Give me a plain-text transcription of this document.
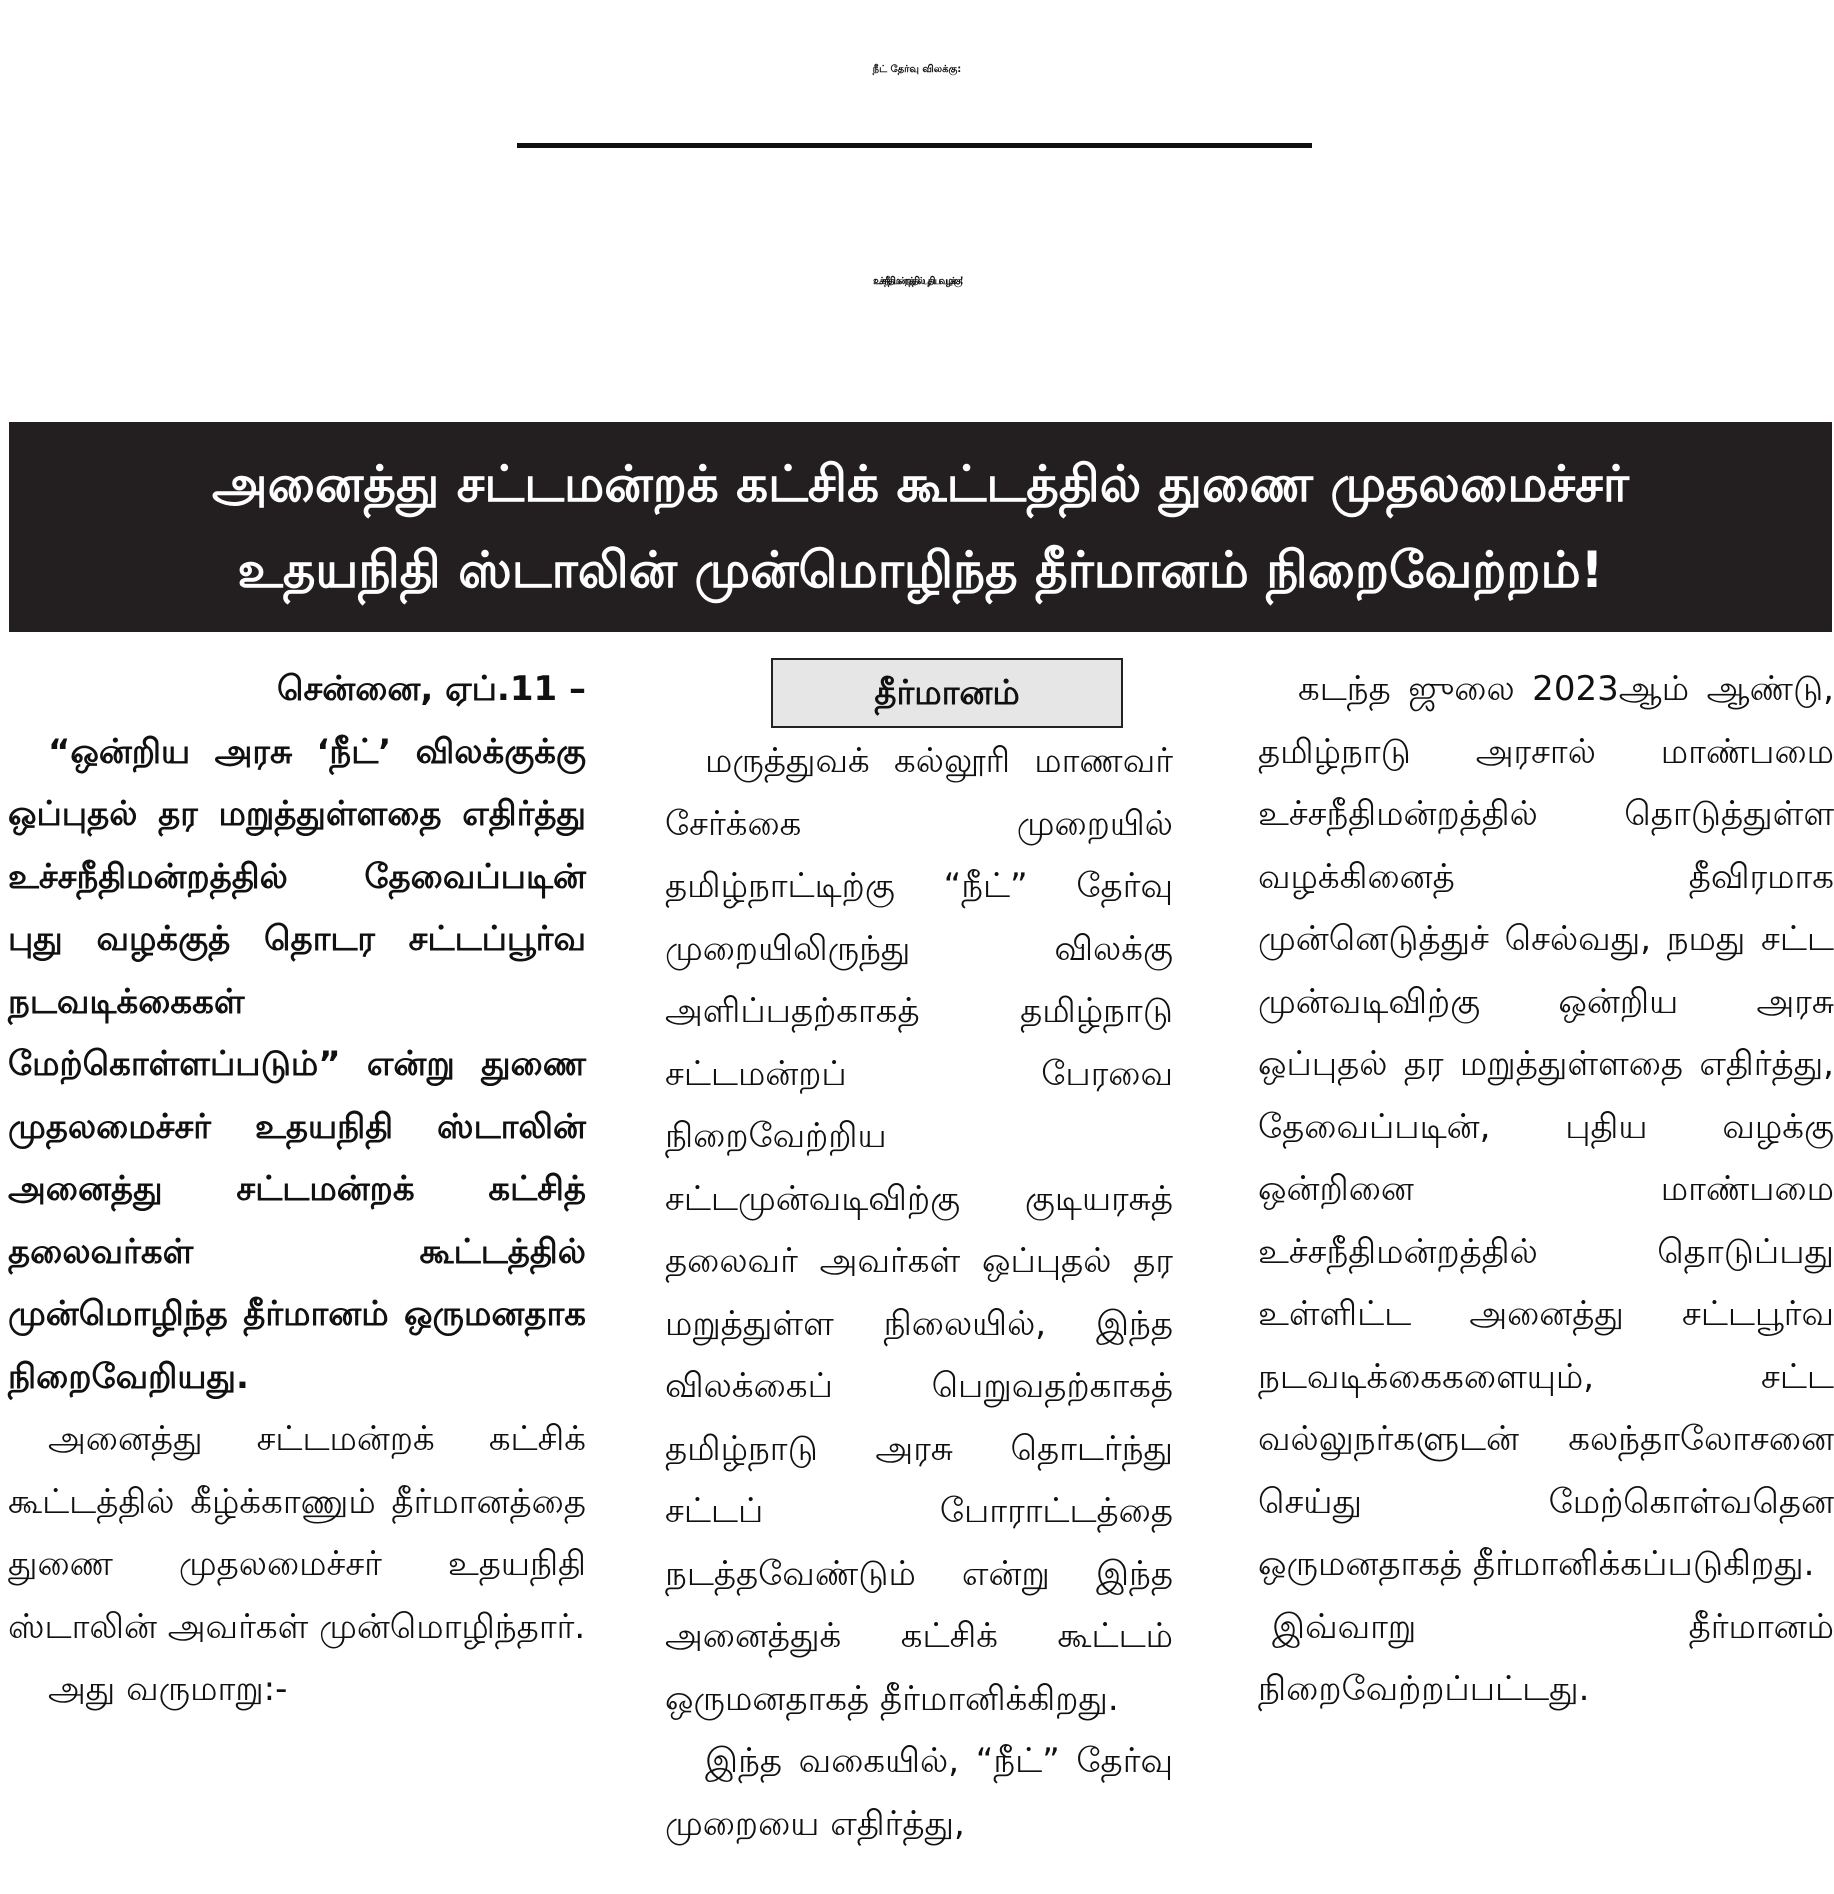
நீட் தேர்வு விலக்கு:
உச்சநீதிமன்றத்தில் புதிய வழக்கு!
அனைத்து சட்டமன்றக் கட்சிக் கூட்டத்தில் துணை முதலமைச்சர்
உதயநிதி ஸ்டாலின் முன்மொழிந்த தீர்மானம் நிறைவேற்றம்!

சென்னை, ஏப்.11 –

“ஒன்றிய அரசு ‘நீட்’ விலக்குக்கு ஒப்புதல் தர மறுத்துள்ளதை எதிர்த்து உச்சநீதிமன்றத்தில் தேவைப்படின் புது வழக்குத் தொடர சட்டப்பூர்வ நடவடிக்கைகள் மேற்கொள்ளப்படும்” என்று துணை முதலமைச்சர் உதயநிதி ஸ்டாலின் அனைத்து சட்டமன்றக் கட்சித் தலைவர்கள் கூட்டத்தில் முன்மொழிந்த தீர்மானம் ஒருமனதாக நிறைவேறியது.

அனைத்து சட்டமன்றக் கட்சிக் கூட்டத்தில் கீழ்க்காணும் தீர்மானத்தை துணை முதலமைச்சர் உதயநிதி ஸ்டாலின் அவர்கள் முன்மொழிந்தார்.

அது வருமாறு:-

தீர்மானம்

மருத்துவக் கல்லூரி மாணவர் சேர்க்கை முறையில் தமிழ்நாட்டிற்கு “நீட்” தேர்வு முறையிலிருந்து விலக்கு அளிப்பதற்காகத் தமிழ்நாடு சட்டமன்றப் பேரவை நிறைவேற்றிய சட்டமுன்வடிவிற்கு குடியரசுத் தலைவர் அவர்கள் ஒப்புதல் தர மறுத்துள்ள நிலையில், இந்த விலக்கைப் பெறுவதற்காகத் தமிழ்நாடு அரசு தொடர்ந்து சட்டப் போராட்டத்தை நடத்தவேண்டும் என்று இந்த அனைத்துக் கட்சிக் கூட்டம் ஒருமனதாகத் தீர்மானிக்கிறது.

இந்த வகையில், “நீட்” தேர்வு முறையை எதிர்த்து,

கடந்த ஜுலை 2023ஆம் ஆண்டு, தமிழ்நாடு அரசால் மாண்பமை உச்சநீதிமன்றத்தில் தொடுத்துள்ள வழக்கினைத் தீவிரமாக முன்னெடுத்துச் செல்வது, நமது சட்ட முன்வடிவிற்கு ஒன்றிய அரசு ஒப்புதல் தர மறுத்துள்ளதை எதிர்த்து, தேவைப்படின், புதிய வழக்கு ஒன்றினை மாண்பமை உச்சநீதிமன்றத்தில் தொடுப்பது உள்ளிட்ட அனைத்து சட்டபூர்வ நடவடிக்கைகளையும், சட்ட வல்லுநர்களுடன் கலந்தாலோசனை செய்து மேற்கொள்வதென ஒருமனதாகத் தீர்மானிக்கப்படுகிறது.

இவ்வாறு தீர்மானம் நிறைவேற்றப்பட்டது.
